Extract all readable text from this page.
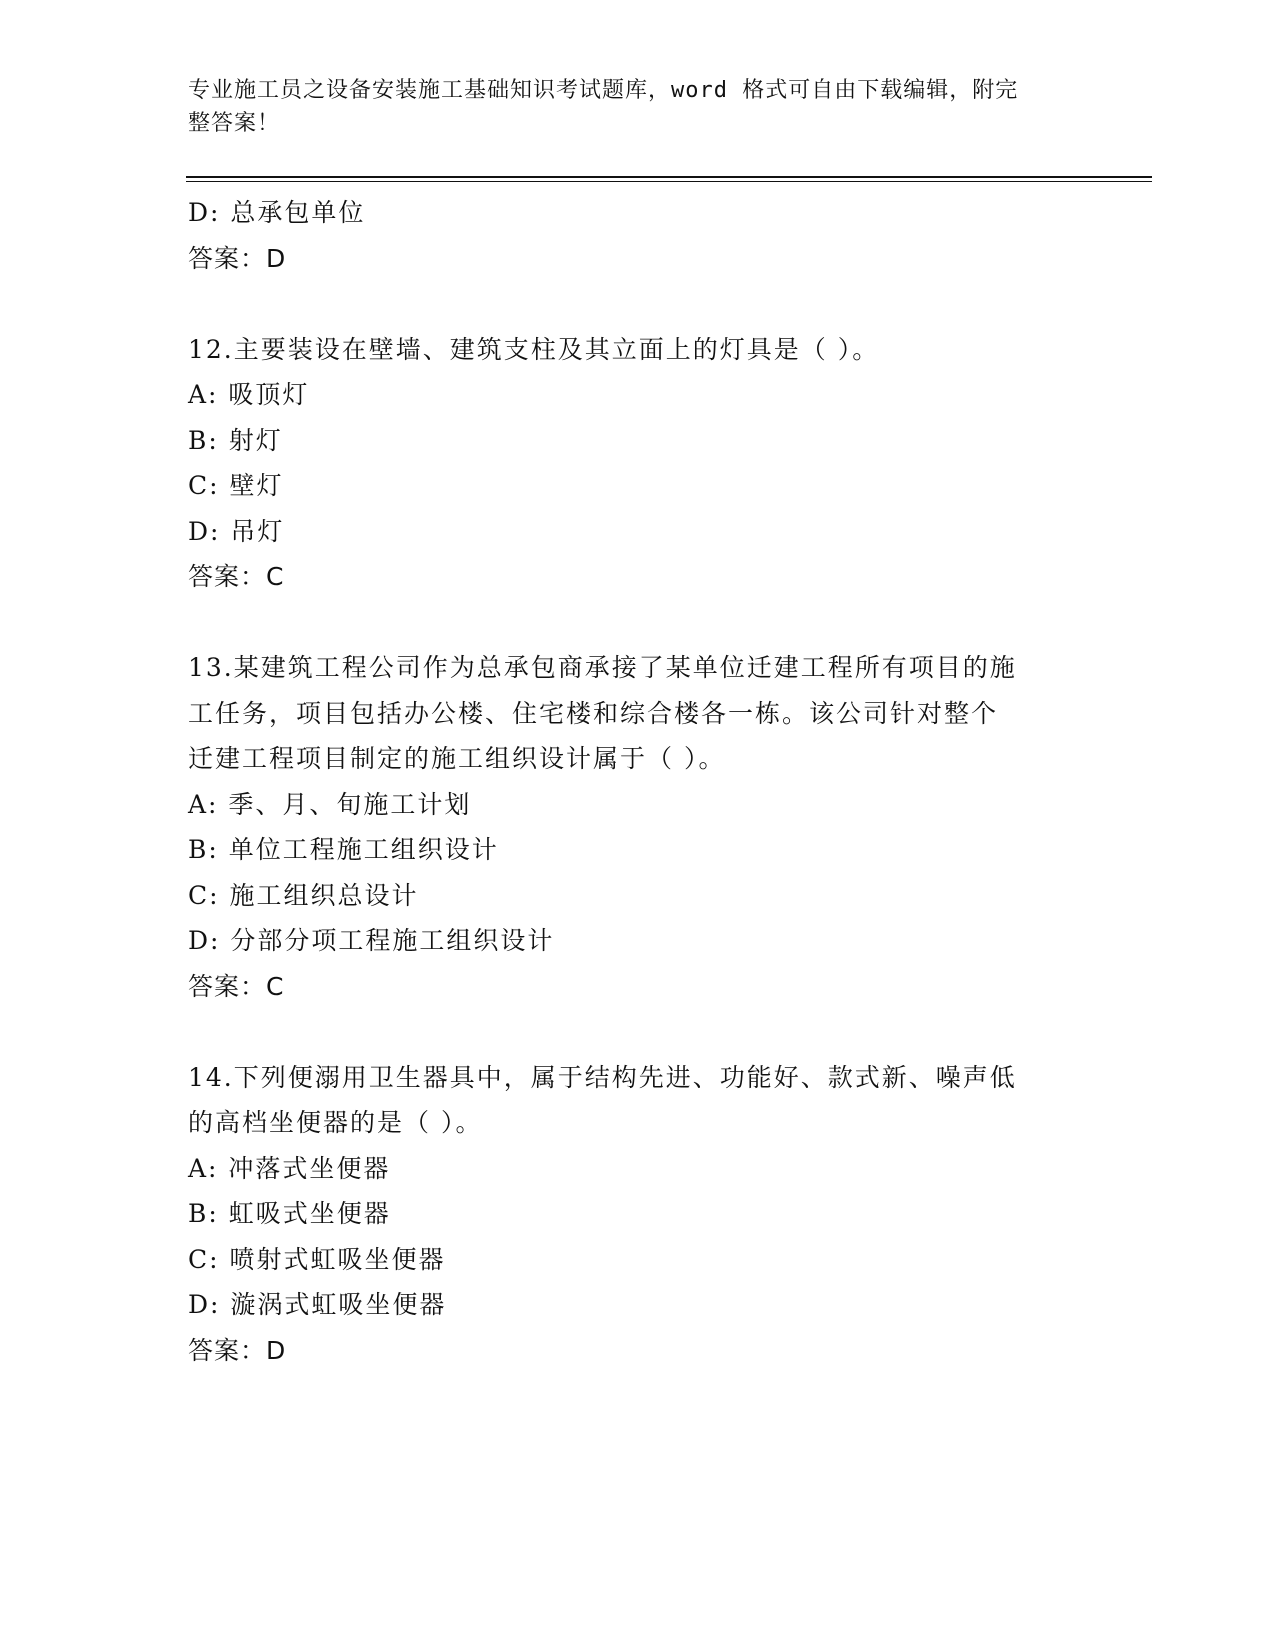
专业施工员之设备安装施工基础知识考试题库，word 格式可自由下载编辑，附完
整答案！
D: 总承包单位
答案：D
12.主要装设在壁墙、建筑支柱及其立面上的灯具是（ ）。
A: 吸顶灯
B: 射灯
C: 壁灯
D: 吊灯
答案：C
13.某建筑工程公司作为总承包商承接了某单位迁建工程所有项目的施
工任务，项目包括办公楼、住宅楼和综合楼各一栋。该公司针对整个
迁建工程项目制定的施工组织设计属于（ ）。
A: 季、月、旬施工计划
B: 单位工程施工组织设计
C: 施工组织总设计
D: 分部分项工程施工组织设计
答案：C
14.下列便溺用卫生器具中，属于结构先进、功能好、款式新、噪声低
的高档坐便器的是（ ）。
A: 冲落式坐便器
B: 虹吸式坐便器
C: 喷射式虹吸坐便器
D: 漩涡式虹吸坐便器
答案：D
